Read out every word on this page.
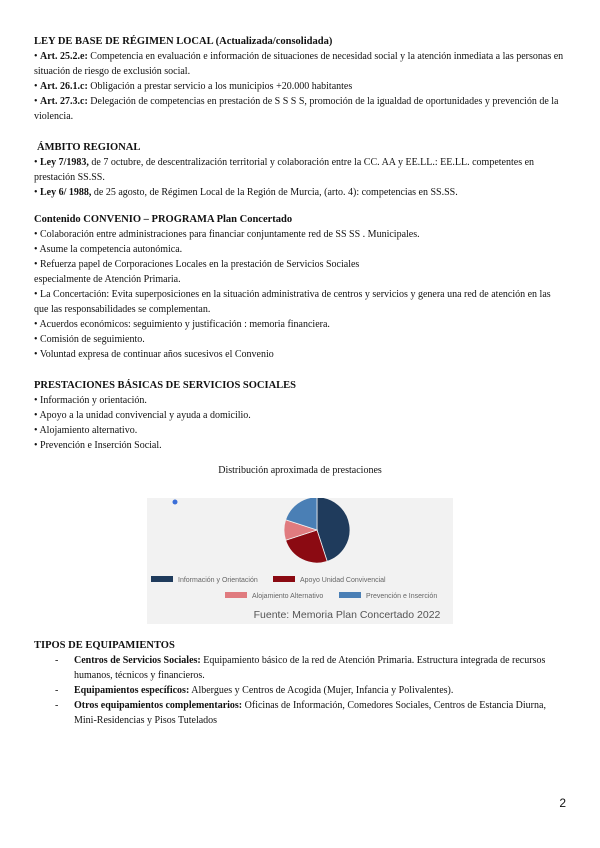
LEY DE BASE DE RÉGIMEN LOCAL (Actualizada/consolidada)

• Art. 25.2.e: Competencia en evaluación e información de situaciones de necesidad social y la atención inmediata a las personas en situación de riesgo de exclusión social.

• Art. 26.1.c: Obligación a prestar servicio a los municipios +20.000 habitantes

• Art. 27.3.c: Delegación de competencias en prestación de S S S S, promoción de la igualdad de oportunidades y prevención de la violencia.

ÁMBITO REGIONAL

• Ley 7/1983, de 7 octubre, de descentralización territorial y colaboración entre la CC. AA y EE.LL.: EE.LL. competentes en prestación SS.SS.

• Ley 6/ 1988, de 25 agosto, de Régimen Local de la Región de Murcia, (arto. 4): competencias en SS.SS.

Contenido CONVENIO – PROGRAMA Plan Concertado

• Colaboración entre administraciones para financiar conjuntamente red de SS SS . Municipales.

• Asume la competencia autonómica.

• Refuerza papel de Corporaciones Locales en la prestación de Servicios Sociales

especialmente de Atención Primaria.

• La Concertación: Evita superposiciones en la situación administrativa de centros y servicios y genera una red de atención en las que las responsabilidades se complementan.

• Acuerdos económicos: seguimiento y justificación : memoria financiera.

• Comisión de seguimiento.

• Voluntad expresa de continuar años sucesivos el Convenio

PRESTACIONES BÁSICAS DE SERVICIOS SOCIALES

• Información y orientación.

• Apoyo a la unidad convivencial y ayuda a domicilio.

• Alojamiento alternativo.

• Prevención e Inserción Social.

Distribución aproximada de prestaciones
Información y Orientación	Apoyo Unidad Convivencial
Alojamiento Alternativo	Prevención e Inserción
Fuente: Memoria Plan Concertado 2022

TIPOS DE EQUIPAMIENTOS

- Centros de Servicios Sociales: Equipamiento básico de la red de Atención Primaria. Estructura integrada de recursos humanos, técnicos y financieros.
- Equipamientos específicos: Albergues y Centros de Acogida (Mujer, Infancia y Polivalentes).
- Otros equipamientos complementarios: Oficinas de Información, Comedores Sociales, Centros de Estancia Diurna, Mini-Residencias y Pisos Tutelados
2
